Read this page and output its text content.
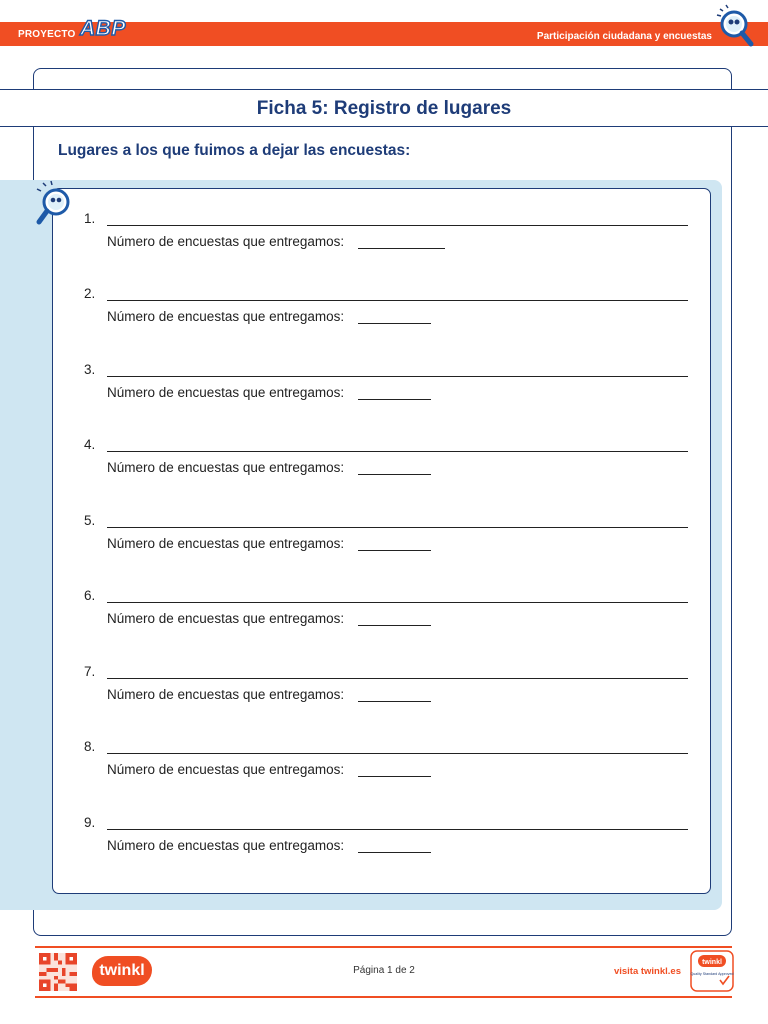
PROYECTO ABP	Participación ciudadana y encuestas
Ficha 5: Registro de lugares
Lugares a los que fuimos a dejar las encuestas:
1.
Número de encuestas que entregamos:
2.
Número de encuestas que entregamos:
3.
Número de encuestas que entregamos:
4.
Número de encuestas que entregamos:
5.
Número de encuestas que entregamos:
6.
Número de encuestas que entregamos:
7.
Número de encuestas que entregamos:
8.
Número de encuestas que entregamos:
9.
Número de encuestas que entregamos:
twinkl	Página 1 de 2	visita twinkl.es
twinkl
Quality Standard Approved
